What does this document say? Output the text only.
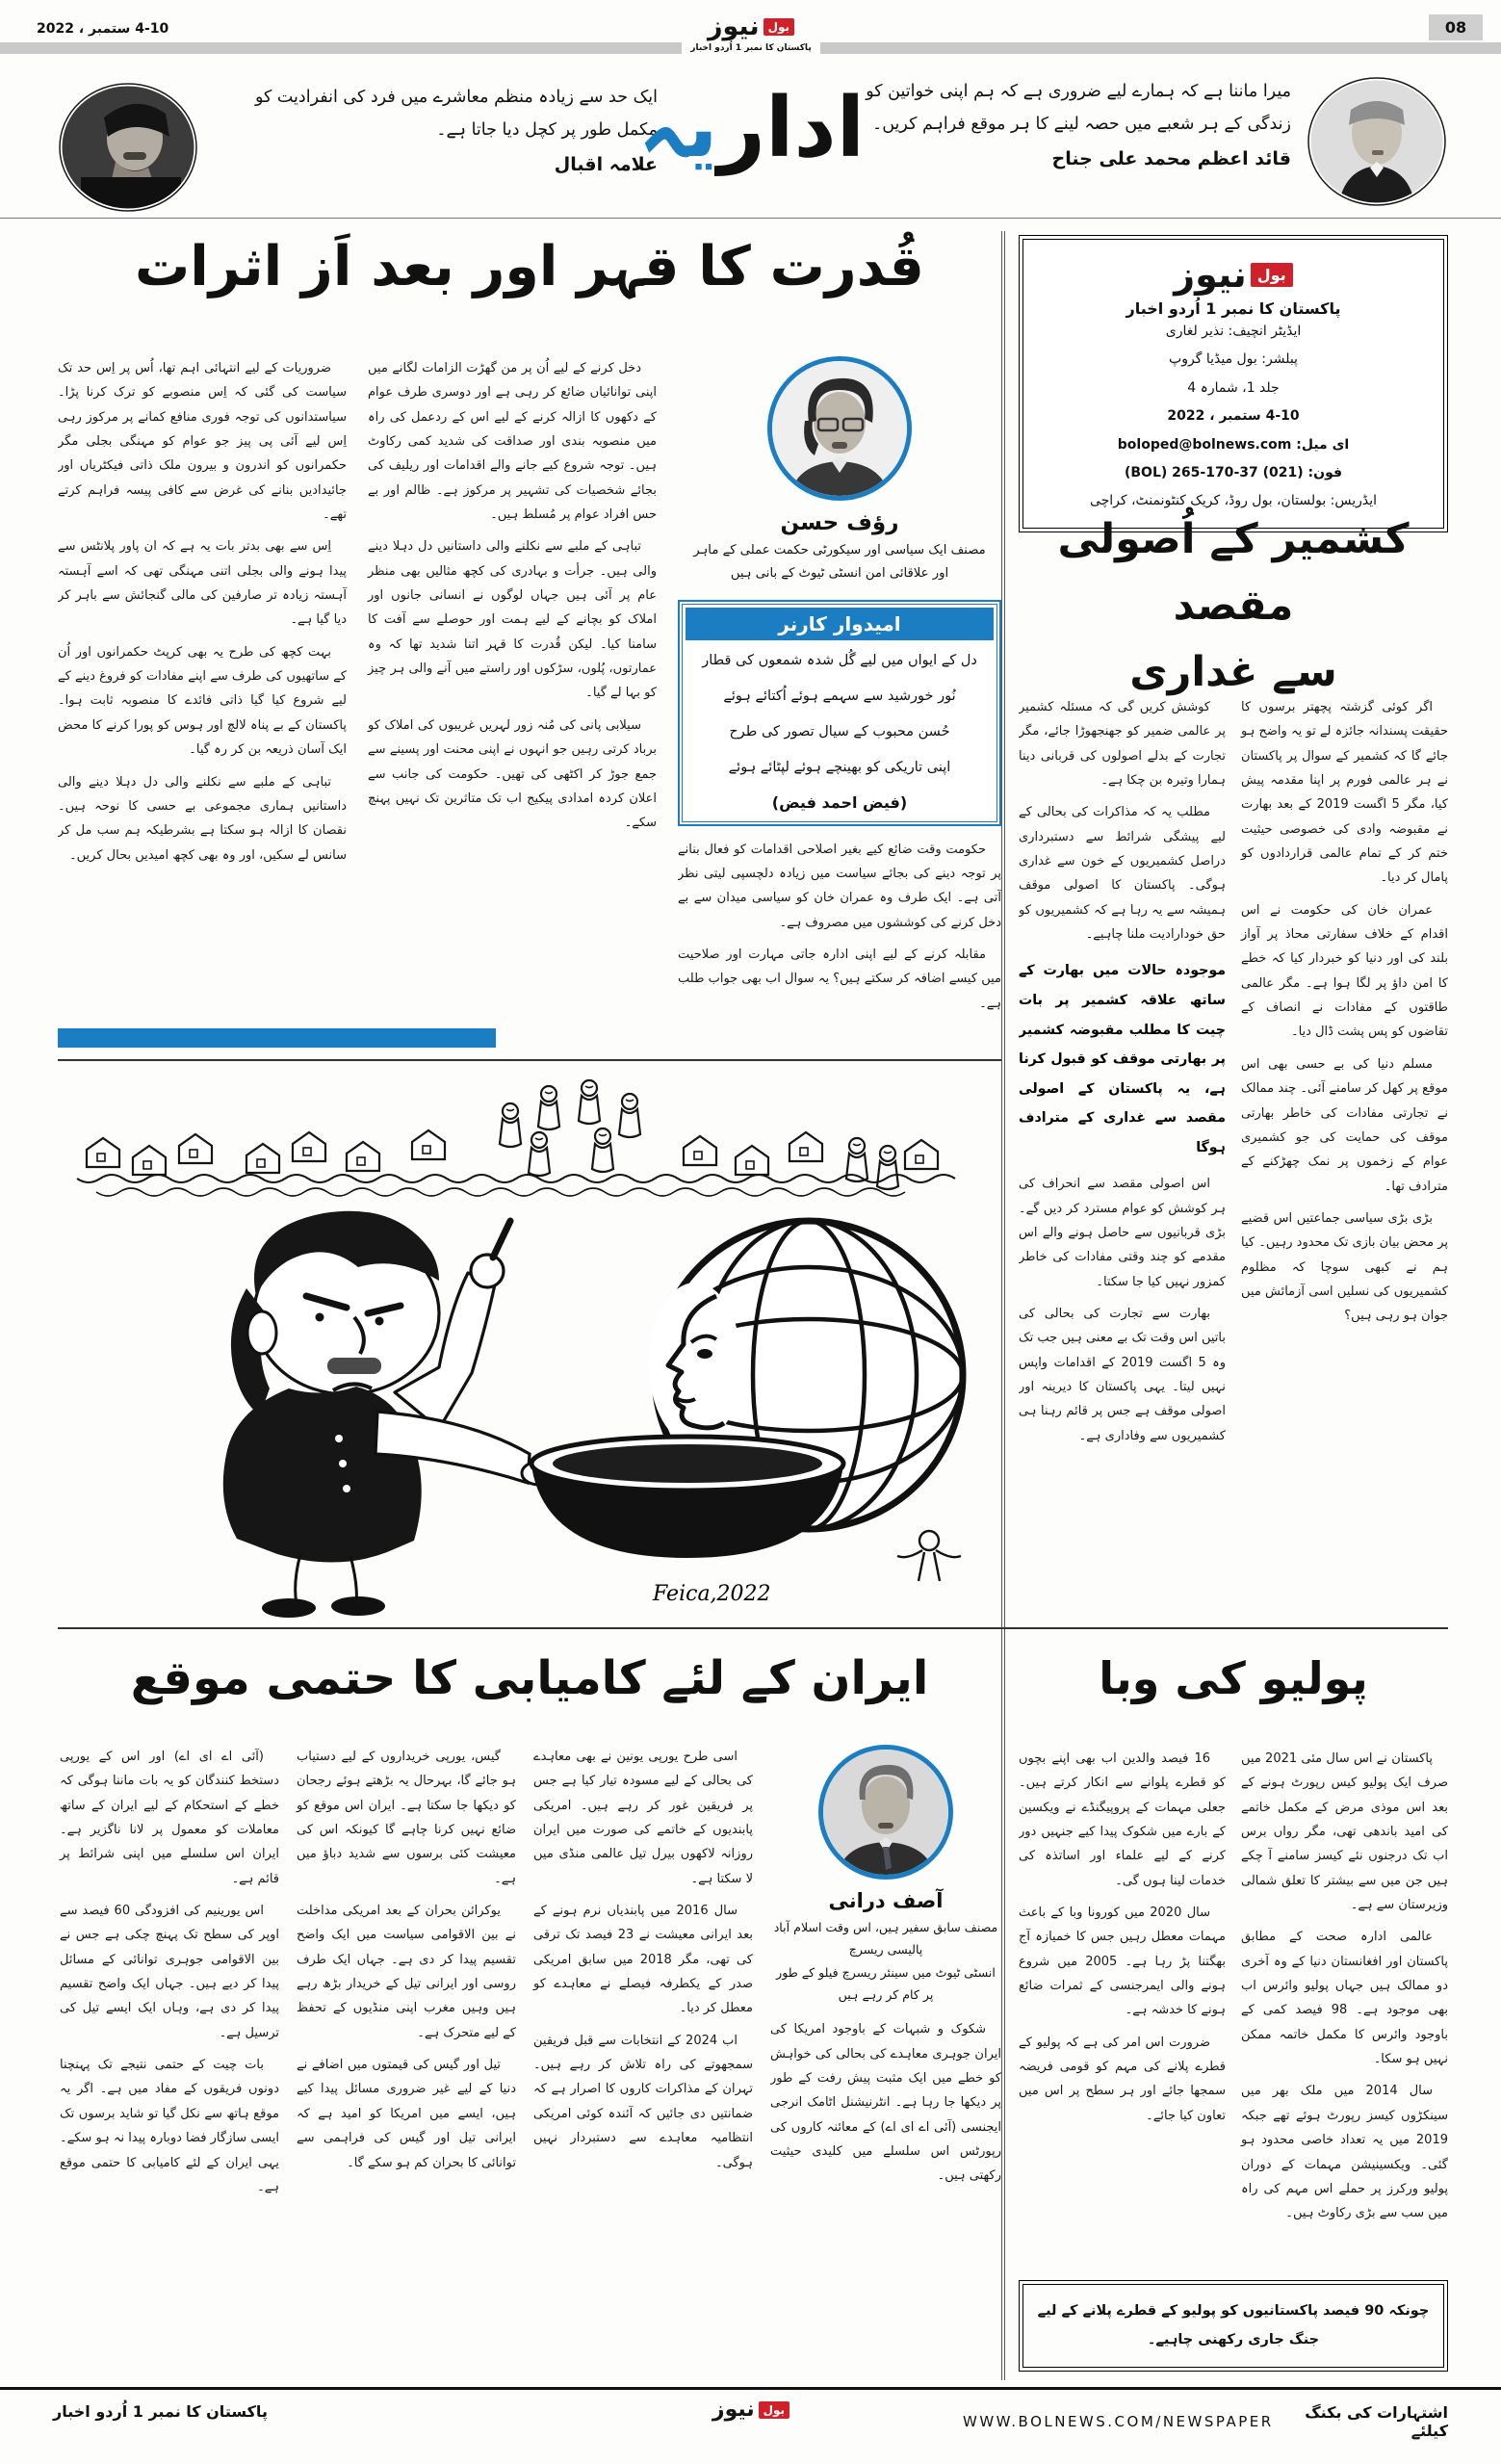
4-10 ستمبر ، 2022	08
بول
نیوز
پاکستان کا نمبر 1 اُردو اخبار
ایک حد سے زیادہ منظم معاشرے میں فرد کی انفرادیت کو مکمل طور پر کچل دیا جاتا ہے۔
علامہ اقبال اداریہ	میرا ماننا ہے کہ ہمارے لیے ضروری ہے کہ ہم اپنی خواتین کو زندگی کے ہر شعبے میں حصہ لینے کا ہر موقع فراہم کریں۔
قائد اعظم محمد علی جناح
قُدرت کا قہر اور بعد اَز اثرات
رؤف حسن
مصنف ایک سیاسی اور سیکورٹی حکمت عملی کے ماہر
اور علاقائی امن انسٹی ٹیوٹ کے بانی ہیں
امیدوار کارنر

دل کے ایواں میں لیے گُل شدہ شمعوں کی قطار

نُور خورشید سے سہمے ہوئے اُکتائے ہوئے

حُسن محبوب کے سیال تصور کی طرح

اپنی تاریکی کو بھینچے ہوئے لپٹائے ہوئے

(فیض احمد فیض)

حکومت وقت ضائع کیے بغیر اصلاحی اقدامات کو فعال بنانے پر توجہ دینے کی بجائے سیاست میں زیادہ دلچسپی لیتی نظر آتی ہے۔ ایک طرف وہ عمران خان کو سیاسی میدان سے بے دخل کرنے کی کوششوں میں مصروف ہے۔

مقابلہ کرنے کے لیے اپنی ادارہ جاتی مہارت اور صلاحیت میں کیسے اضافہ کر سکتے ہیں؟ یہ سوال اب بھی جواب طلب ہے۔

دخل کرنے کے لیے اُن پر من گھڑت الزامات لگانے میں اپنی توانائیاں ضائع کر رہی ہے اور دوسری طرف عوام کے دکھوں کا ازالہ کرنے کے لیے اس کے ردعمل کی راہ میں منصوبہ بندی اور صداقت کی شدید کمی رکاوٹ ہیں۔ توجہ شروع کیے جانے والے اقدامات اور ریلیف کی بجائے شخصیات کی تشہیر پر مرکوز ہے۔ ظالم اور بے حس افراد عوام پر مُسلط ہیں۔

تباہی کے ملبے سے نکلنے والی داستانیں دل دہلا دینے والی ہیں۔ جرأت و بہادری کی کچھ مثالیں بھی منظر عام پر آئی ہیں جہاں لوگوں نے انسانی جانوں اور املاک کو بچانے کے لیے ہمت اور حوصلے سے آفت کا سامنا کیا۔ لیکن قُدرت کا قہر اتنا شدید تھا کہ وہ عمارتوں، پُلوں، سڑکوں اور راستے میں آنے والی ہر چیز کو بہا لے گیا۔

سیلابی پانی کی مُنہ زور لہریں غریبوں کی املاک کو برباد کرتی رہیں جو انہوں نے اپنی محنت اور پسینے سے جمع جوڑ کر اکٹھی کی تھیں۔ حکومت کی جانب سے اعلان کردہ امدادی پیکیج اب تک متاثرین تک نہیں پہنچ سکے۔

ضروریات کے لیے انتہائی اہم تھا، اُس پر اِس حد تک سیاست کی گئی کہ اِس منصوبے کو ترک کرنا پڑا۔ سیاستدانوں کی توجہ فوری منافع کمانے پر مرکوز رہی اِس لیے آئی پی پیز جو عوام کو مہنگی بجلی مگر حکمرانوں کو اندرون و بیرون ملک ذاتی فیکٹریاں اور جائیدادیں بنانے کی غرض سے کافی پیسہ فراہم کرتے تھے۔

اِس سے بھی بدتر بات یہ ہے کہ ان پاور پلانٹس سے پیدا ہونے والی بجلی اتنی مہنگی تھی کہ اسے آہستہ آہستہ زیادہ تر صارفین کی مالی گنجائش سے باہر کر دیا گیا ہے۔

بہت کچھ کی طرح یہ بھی کرپٹ حکمرانوں اور اُن کے ساتھیوں کی طرف سے اپنے مفادات کو فروغ دینے کے لیے شروع کیا گیا ذاتی فائدے کا منصوبہ ثابت ہوا۔ پاکستان کے بے پناہ لالچ اور ہوس کو پورا کرنے کا محض ایک آسان ذریعہ بن کر رہ گیا۔

تباہی کے ملبے سے نکلنے والی دل دہلا دینے والی داستانیں ہماری مجموعی بے حسی کا نوحہ ہیں۔ نقصان کا ازالہ ہو سکتا ہے بشرطیکہ ہم سب مل کر سانس لے سکیں، اور وہ بھی کچھ امیدیں بحال کریں۔

Feica,2022
ایران کے لئے کامیابی کا حتمی موقع
آصف درانی
مصنف سابق سفیر ہیں، اس وقت اسلام آباد پالیسی ریسرچ
انسٹی ٹیوٹ میں سینئر ریسرچ فیلو کے طور پر کام کر رہے ہیں

شکوک و شبہات کے باوجود امریکا کی ایران جوہری معاہدے کی بحالی کی خواہش کو خطے میں ایک مثبت پیش رفت کے طور پر دیکھا جا رہا ہے۔ انٹرنیشنل اٹامک انرجی ایجنسی (آئی اے ای اے) کے معائنہ کاروں کی رپورٹس اس سلسلے میں کلیدی حیثیت رکھتی ہیں۔

اسی طرح یورپی یونین نے بھی معاہدے کی بحالی کے لیے مسودہ تیار کیا ہے جس پر فریقین غور کر رہے ہیں۔ امریکی پابندیوں کے خاتمے کی صورت میں ایران روزانہ لاکھوں بیرل تیل عالمی منڈی میں لا سکتا ہے۔

سال 2016 میں پابندیاں نرم ہونے کے بعد ایرانی معیشت نے 23 فیصد تک ترقی کی تھی، مگر 2018 میں سابق امریکی صدر کے یکطرفہ فیصلے نے معاہدے کو معطل کر دیا۔

اب 2024 کے انتخابات سے قبل فریقین سمجھوتے کی راہ تلاش کر رہے ہیں۔ تہران کے مذاکرات کاروں کا اصرار ہے کہ ضمانتیں دی جائیں کہ آئندہ کوئی امریکی انتظامیہ معاہدے سے دستبردار نہیں ہوگی۔

گیس، یورپی خریداروں کے لیے دستیاب ہو جائے گا، بہرحال یہ بڑھتے ہوئے رجحان کو دیکھا جا سکتا ہے۔ ایران اس موقع کو ضائع نہیں کرنا چاہے گا کیونکہ اس کی معیشت کئی برسوں سے شدید دباؤ میں ہے۔

یوکرائن بحران کے بعد امریکی مداخلت نے بین الاقوامی سیاست میں ایک واضح تقسیم پیدا کر دی ہے۔ جہاں ایک طرف روسی اور ایرانی تیل کے خریدار بڑھ رہے ہیں وہیں مغرب اپنی منڈیوں کے تحفظ کے لیے متحرک ہے۔

تیل اور گیس کی قیمتوں میں اضافے نے دنیا کے لیے غیر ضروری مسائل پیدا کیے ہیں، ایسے میں امریکا کو امید ہے کہ ایرانی تیل اور گیس کی فراہمی سے توانائی کا بحران کم ہو سکے گا۔

(آئی اے ای اے) اور اس کے یورپی دستخط کنندگان کو یہ بات ماننا ہوگی کہ خطے کے استحکام کے لیے ایران کے ساتھ معاملات کو معمول پر لانا ناگزیر ہے۔ ایران اس سلسلے میں اپنی شرائط پر قائم ہے۔

اس یورینیم کی افزودگی 60 فیصد سے اوپر کی سطح تک پہنچ چکی ہے جس نے بین الاقوامی جوہری توانائی کے مسائل پیدا کر دیے ہیں۔ جہاں ایک واضح تقسیم پیدا کر دی ہے، وہاں ایک ایسے تیل کی ترسیل ہے۔

بات چیت کے حتمی نتیجے تک پہنچنا دونوں فریقوں کے مفاد میں ہے۔ اگر یہ موقع ہاتھ سے نکل گیا تو شاید برسوں تک ایسی سازگار فضا دوبارہ پیدا نہ ہو سکے۔ یہی ایران کے لئے کامیابی کا حتمی موقع ہے۔

بول
نیوز
پاکستان کا نمبر 1 اُردو اخبار
ایڈیٹر انچیف: نذیر لغاری
پبلشر: بول میڈیا گروپ
جلد 1، شمارہ 4
4-10 ستمبر ، 2022
ای میل: boloped@bolnews.com
فون: (021) 37-170-265 (BOL)
ایڈریس: بولستان، بول روڈ، کریک کنٹونمنٹ، کراچی
کشمیر کے اُصولی مقصد
سے غداری

اگر کوئی گزشتہ پچھتر برسوں کا حقیقت پسندانہ جائزہ لے تو یہ واضح ہو جائے گا کہ کشمیر کے سوال پر پاکستان نے ہر عالمی فورم پر اپنا مقدمہ پیش کیا، مگر 5 اگست 2019 کے بعد بھارت نے مقبوضہ وادی کی خصوصی حیثیت ختم کر کے تمام عالمی قراردادوں کو پامال کر دیا۔

عمران خان کی حکومت نے اس اقدام کے خلاف سفارتی محاذ پر آواز بلند کی اور دنیا کو خبردار کیا کہ خطے کا امن داؤ پر لگا ہوا ہے۔ مگر عالمی طاقتوں کے مفادات نے انصاف کے تقاضوں کو پس پشت ڈال دیا۔

مسلم دنیا کی بے حسی بھی اس موقع پر کھل کر سامنے آئی۔ چند ممالک نے تجارتی مفادات کی خاطر بھارتی موقف کی حمایت کی جو کشمیری عوام کے زخموں پر نمک چھڑکنے کے مترادف تھا۔

بڑی بڑی سیاسی جماعتیں اس قضیے پر محض بیان بازی تک محدود رہیں۔ کیا ہم نے کبھی سوچا کہ مظلوم کشمیریوں کی نسلیں اسی آزمائش میں جوان ہو رہی ہیں؟

کوشش کریں گی کہ مسئلہ کشمیر پر عالمی ضمیر کو جھنجھوڑا جائے، مگر تجارت کے بدلے اصولوں کی قربانی دینا ہمارا وتیرہ بن چکا ہے۔

مطلب یہ کہ مذاکرات کی بحالی کے لیے پیشگی شرائط سے دستبرداری دراصل کشمیریوں کے خون سے غداری ہوگی۔ پاکستان کا اصولی موقف ہمیشہ سے یہ رہا ہے کہ کشمیریوں کو حق خودارادیت ملنا چاہیے۔

موجودہ حالات میں بھارت کے ساتھ علاقہ کشمیر پر بات چیت کا مطلب مقبوضہ کشمیر پر بھارتی موقف کو قبول کرنا ہے، یہ پاکستان کے اصولی مقصد سے غداری کے مترادف ہوگا

اس اصولی مقصد سے انحراف کی ہر کوشش کو عوام مسترد کر دیں گے۔ بڑی قربانیوں سے حاصل ہونے والے اس مقدمے کو چند وقتی مفادات کی خاطر کمزور نہیں کیا جا سکتا۔

بھارت سے تجارت کی بحالی کی باتیں اس وقت تک بے معنی ہیں جب تک وہ 5 اگست 2019 کے اقدامات واپس نہیں لیتا۔ یہی پاکستان کا دیرینہ اور اصولی موقف ہے جس پر قائم رہنا ہی کشمیریوں سے وفاداری ہے۔

پولیو کی وبا

پاکستان نے اس سال مئی 2021 میں صرف ایک پولیو کیس رپورٹ ہونے کے بعد اس موذی مرض کے مکمل خاتمے کی امید باندھی تھی، مگر رواں برس اب تک درجنوں نئے کیسز سامنے آ چکے ہیں جن میں سے بیشتر کا تعلق شمالی وزیرستان سے ہے۔

عالمی ادارہ صحت کے مطابق پاکستان اور افغانستان دنیا کے وہ آخری دو ممالک ہیں جہاں پولیو وائرس اب بھی موجود ہے۔ 98 فیصد کمی کے باوجود وائرس کا مکمل خاتمہ ممکن نہیں ہو سکا۔

سال 2014 میں ملک بھر میں سینکڑوں کیسز رپورٹ ہوئے تھے جبکہ 2019 میں یہ تعداد خاصی محدود ہو گئی۔ ویکسینیشن مہمات کے دوران پولیو ورکرز پر حملے اس مہم کی راہ میں سب سے بڑی رکاوٹ ہیں۔

16 فیصد والدین اب بھی اپنے بچوں کو قطرے پلوانے سے انکار کرتے ہیں۔ جعلی مہمات کے پروپیگنڈے نے ویکسین کے بارے میں شکوک پیدا کیے جنہیں دور کرنے کے لیے علماء اور اساتذہ کی خدمات لینا ہوں گی۔

سال 2020 میں کورونا وبا کے باعث مہمات معطل رہیں جس کا خمیازہ آج بھگتنا پڑ رہا ہے۔ 2005 میں شروع ہونے والی ایمرجنسی کے ثمرات ضائع ہونے کا خدشہ ہے۔

ضرورت اس امر کی ہے کہ پولیو کے قطرے پلانے کی مہم کو قومی فریضہ سمجھا جائے اور ہر سطح پر اس میں تعاون کیا جائے۔

چونکہ 90 فیصد پاکستانیوں کو پولیو کے قطرے پلانے کے لیے جنگ جاری رکھنی چاہیے۔
پاکستان کا نمبر 1 اُردو اخبار	بول
نیوز	اشتہارات کی بکنگ کیلئے
WWW.BOLNEWS.COM/NEWSPAPER
